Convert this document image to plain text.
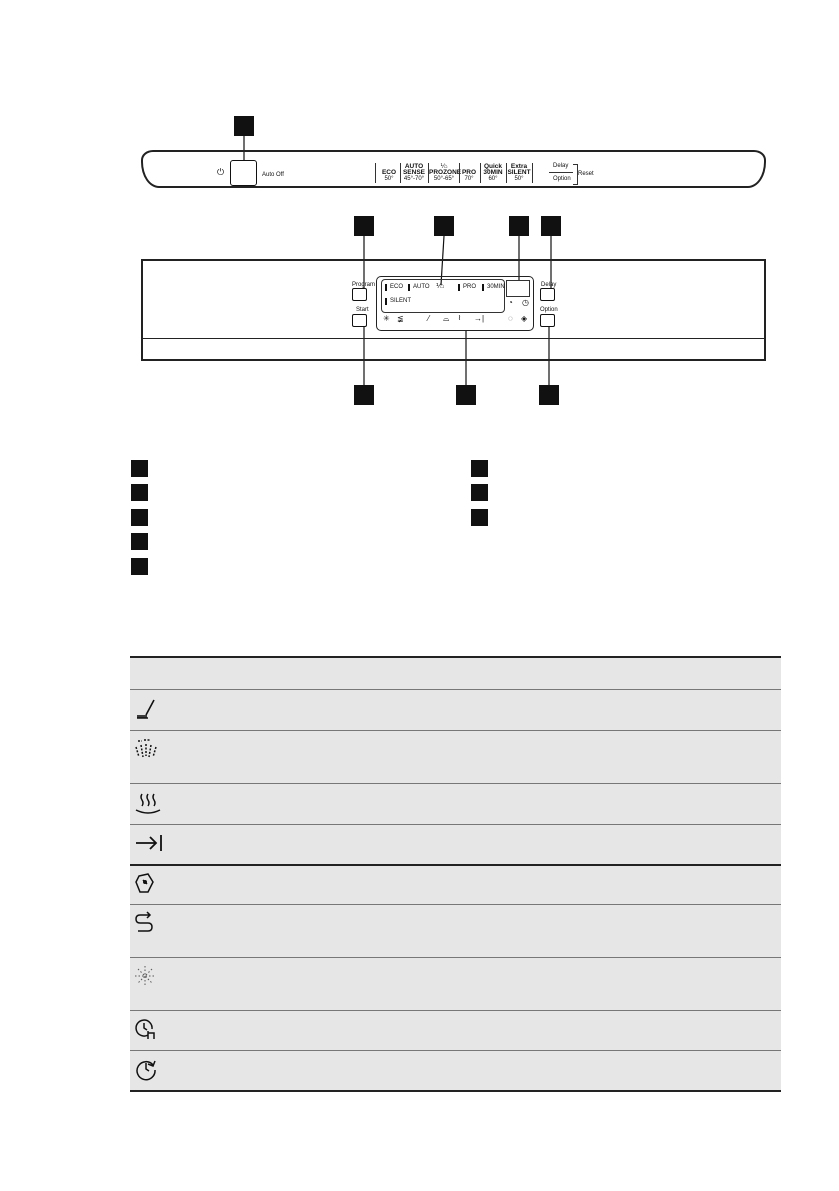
⏻	Auto Off	ECO
50°
AUTO SENSE
45°-70°
⅟⌂
PROZONE
50°-65°
PRO
70°
Quick 30MIN
60°
Extra SILENT
50°
Delay
Option
Reset
Program
Start
Delay
Option
ECO	AUTO ⅟⌂	PRO	30MIN
SILENT
✳ ≨	⁄ ⌓ ≀ →|
◔ ◷
◌ ◈
